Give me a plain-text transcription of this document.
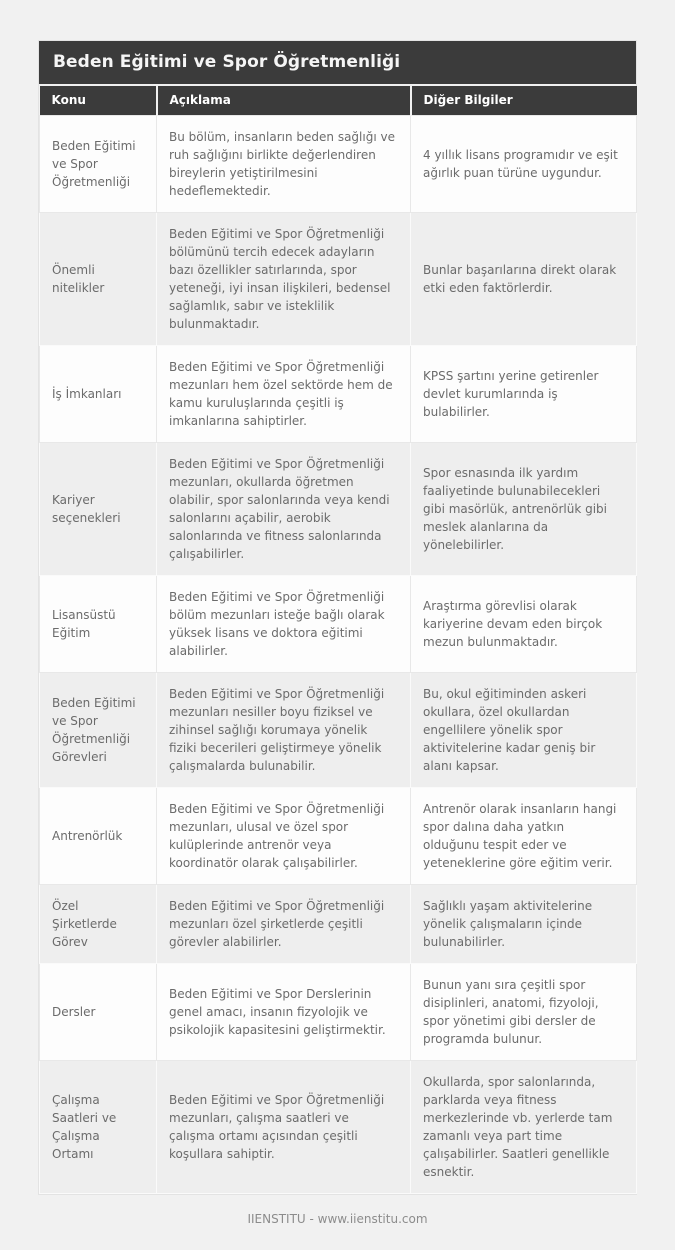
Beden Eğitimi ve Spor Öğretmenliği
Konu	Açıklama	Diğer Bilgiler
Beden Eğitimi ve Spor Öğretmenliği	Bu bölüm, insanların beden sağlığı ve ruh sağlığını birlikte değerlendiren bireylerin yetiştirilmesini hedeflemektedir.	4 yıllık lisans programıdır ve eşit ağırlık puan türüne uygundur.
Önemli nitelikler	Beden Eğitimi ve Spor Öğretmenliği bölümünü tercih edecek adayların bazı özellikler satırlarında, spor yeteneği, iyi insan ilişkileri, bedensel sağlamlık, sabır ve isteklilik bulunmaktadır.	Bunlar başarılarına direkt olarak etki eden faktörlerdir.
İş İmkanları	Beden Eğitimi ve Spor Öğretmenliği mezunları hem özel sektörde hem de kamu kuruluşlarında çeşitli iş imkanlarına sahiptirler.	KPSS şartını yerine getirenler devlet kurumlarında iş bulabilirler.
Kariyer seçenekleri	Beden Eğitimi ve Spor Öğretmenliği mezunları, okullarda öğretmen olabilir, spor salonlarında veya kendi salonlarını açabilir, aerobik salonlarında ve fitness salonlarında çalışabilirler.	Spor esnasında ilk yardım faaliyetinde bulunabilecekleri gibi masörlük, antrenörlük gibi meslek alanlarına da yönelebilirler.
Lisansüstü Eğitim	Beden Eğitimi ve Spor Öğretmenliği bölüm mezunları isteğe bağlı olarak yüksek lisans ve doktora eğitimi alabilirler.	Araştırma görevlisi olarak kariyerine devam eden birçok mezun bulunmaktadır.
Beden Eğitimi ve Spor Öğretmenliği Görevleri	Beden Eğitimi ve Spor Öğretmenliği mezunları nesiller boyu fiziksel ve zihinsel sağlığı korumaya yönelik fiziki becerileri geliştirmeye yönelik çalışmalarda bulunabilir.	Bu, okul eğitiminden askeri okullara, özel okullardan engellilere yönelik spor aktivitelerine kadar geniş bir alanı kapsar.
Antrenörlük	Beden Eğitimi ve Spor Öğretmenliği mezunları, ulusal ve özel spor kulüplerinde antrenör veya koordinatör olarak çalışabilirler.	Antrenör olarak insanların hangi spor dalına daha yatkın olduğunu tespit eder ve yeteneklerine göre eğitim verir.
Özel Şirketlerde Görev	Beden Eğitimi ve Spor Öğretmenliği mezunları özel şirketlerde çeşitli görevler alabilirler.	Sağlıklı yaşam aktivitelerine yönelik çalışmaların içinde bulunabilirler.
Dersler	Beden Eğitimi ve Spor Derslerinin genel amacı, insanın fizyolojik ve psikolojik kapasitesini geliştirmektir.	Bunun yanı sıra çeşitli spor disiplinleri, anatomi, fizyoloji, spor yönetimi gibi dersler de programda bulunur.
Çalışma Saatleri ve Çalışma Ortamı	Beden Eğitimi ve Spor Öğretmenliği mezunları, çalışma saatleri ve çalışma ortamı açısından çeşitli koşullara sahiptir.	Okullarda, spor salonlarında, parklarda veya fitness merkezlerinde vb. yerlerde tam zamanlı veya part time çalışabilirler. Saatleri genellikle esnektir.
IIENSTITU - www.iienstitu.com
